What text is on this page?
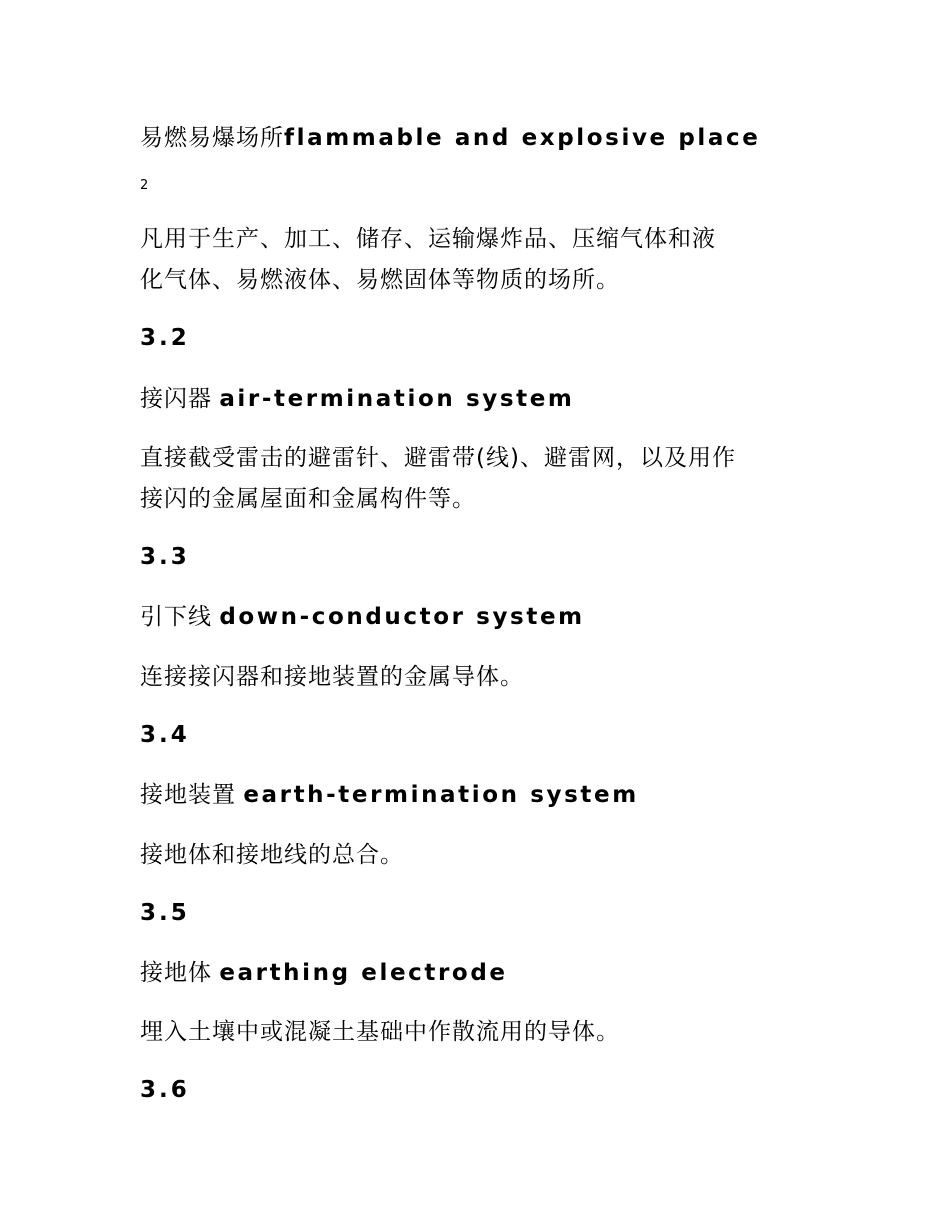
易燃易爆场所flammable and explosive place
2
凡用于生产、加工、储存、运输爆炸品、压缩气体和液
化气体、易燃液体、易燃固体等物质的场所。
3.2
接闪器 air-termination system
直接截受雷击的避雷针、避雷带(线)、避雷网，以及用作
接闪的金属屋面和金属构件等。
3.3
引下线 down-conductor system
连接接闪器和接地装置的金属导体。
3.4
接地装置 earth-termination system
接地体和接地线的总合。
3.5
接地体 earthing electrode
埋入土壤中或混凝土基础中作散流用的导体。
3.6
